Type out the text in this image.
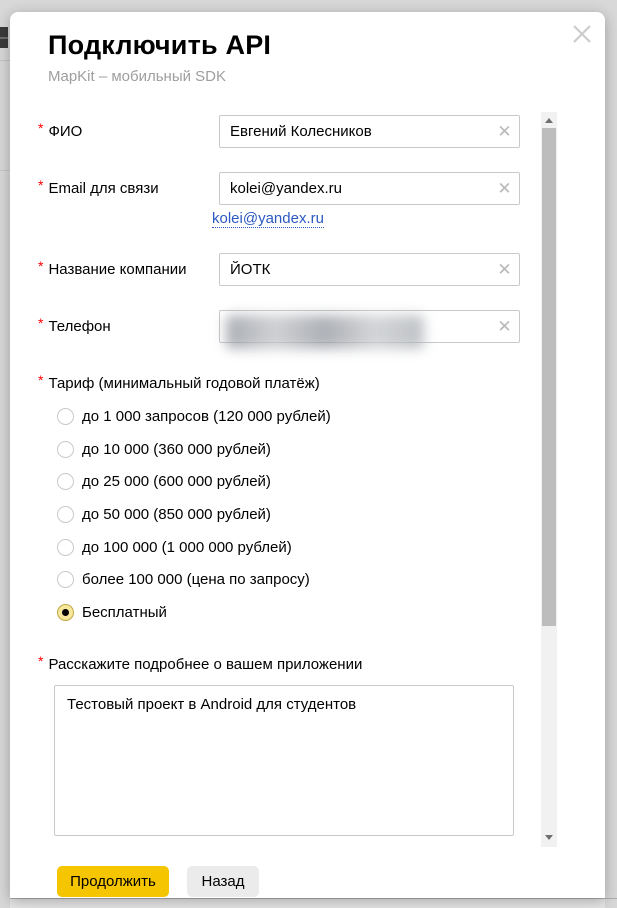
Подключить API
MapKit – мобильный SDK
* ФИО
Евгений Колесников	✕
* Email для связи
kolei@yandex.ru	✕
kolei@yandex.ru
* Название компании
ЙОТК	✕
* Телефон	✕
* Тариф (минимальный годовой платёж)
до 1 000 запросов (120 000 рублей)
до 10 000 (360 000 рублей)
до 25 000 (600 000 рублей)
до 50 000 (850 000 рублей)
до 100 000 (1 000 000 рублей)
более 100 000 (цена по запросу)
Бесплатный
* Расскажите подробнее о вашем приложении
Тестовый проект в Android для студентов
Продолжить	Назад
